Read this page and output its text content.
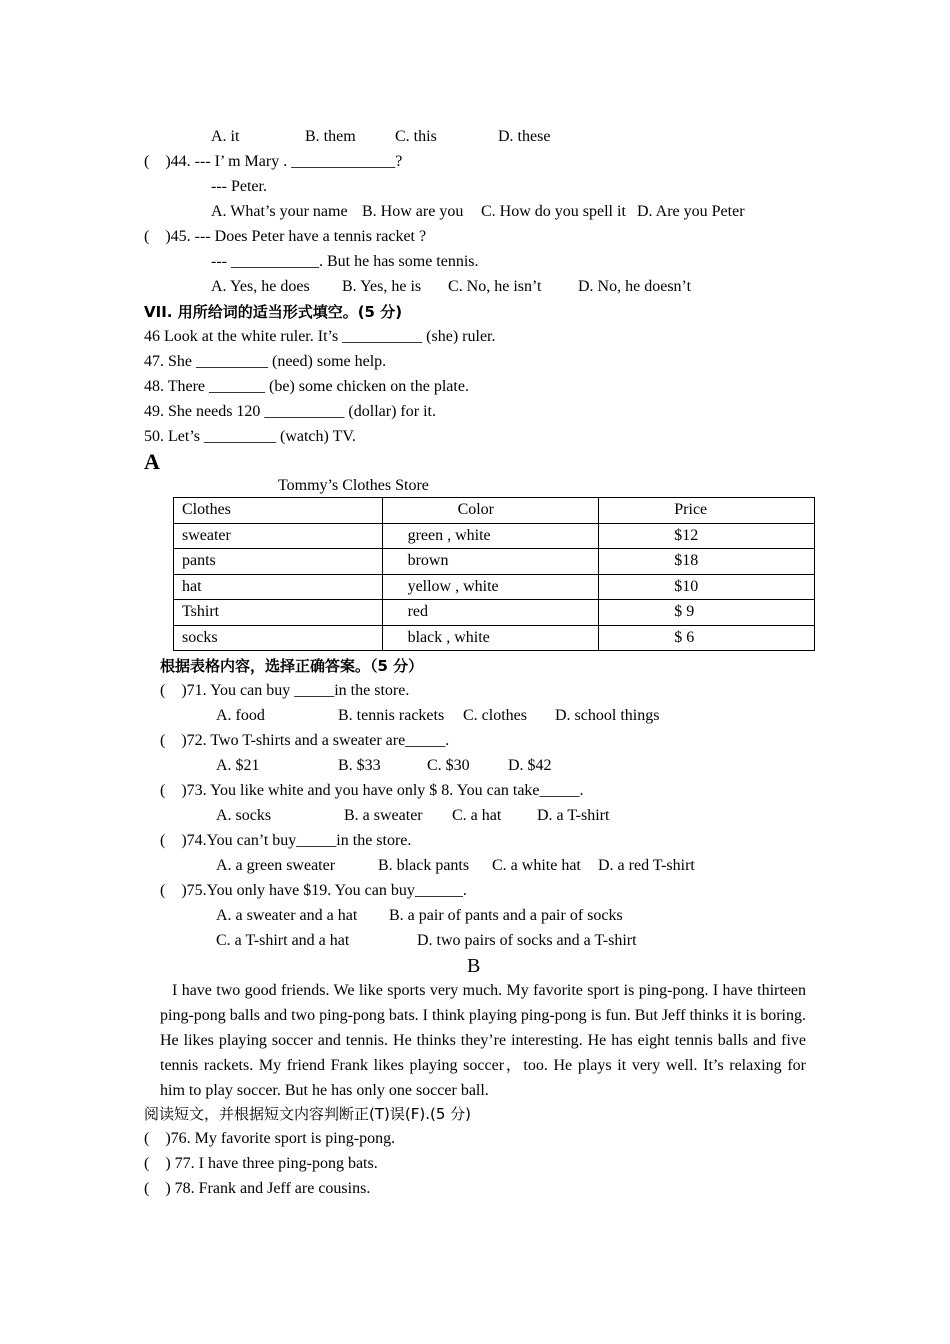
A. it	B. them C. this	D. these
(    )44. --- I’ m Mary . _____________?
--- Peter.
A. What’s your name B. How are you C. How do you spell it D. Are you Peter
(    )45. --- Does Peter have a tennis racket ?
--- ___________. But he has some tennis.
A. Yes, he does B. Yes, he is C. No, he isn’t D. No, he doesn’t
VII. 用所给词的适当形式填空。(5 分)
46 Look at the white ruler. It’s __________ (she) ruler.
47. She _________ (need) some help.
48. There _______ (be) some chicken on the plate.
49. She needs 120 __________ (dollar) for it.
50. Let’s _________ (watch) TV.
A
Tommy’s Clothes Store
Clothes	Color	Price
sweater	green , white	$12
pants	brown	$18
hat	yellow , white	$10
Tshirt	red	$ 9
socks	black , white	$ 6
根据表格内容，选择正确答案。（5 分）
(    )71. You can buy _____in the store.
A. food	B. tennis rackets C. clothes D. school things
(    )72. Two T-shirts and a sweater are_____.
A. $21	B. $33	C. $30 D. $42
(    )73. You like white and you have only $ 8. You can take_____.
A. socks	B. a sweater C. a hat D. a T-shirt
(    )74.You can’t buy_____in the store.
A. a green sweater	B. black pants C. a white hat D. a red T-shirt
(    )75.You only have $19. You can buy______.
A. a sweater and a hat B. a pair of pants and a pair of socks
C. a T-shirt and a hat	D. two pairs of socks and a T-shirt
B
I have two good friends. We like sports very much. My favorite sport is ping-pong. I have thirteen ping-pong balls and two ping-pong bats. I think playing ping-pong is fun. But Jeff thinks it is boring. He likes playing soccer and tennis. He thinks they’re interesting. He has eight tennis balls and five tennis rackets. My friend Frank likes playing soccer，too. He plays it very well. It’s relaxing for him to play soccer. But he has only one soccer ball.
阅读短文，并根据短文内容判断正(T)误(F).(5 分)
(    )76. My favorite sport is ping-pong.
(    ) 77. I have three ping-pong bats.
(    ) 78. Frank and Jeff are cousins.
